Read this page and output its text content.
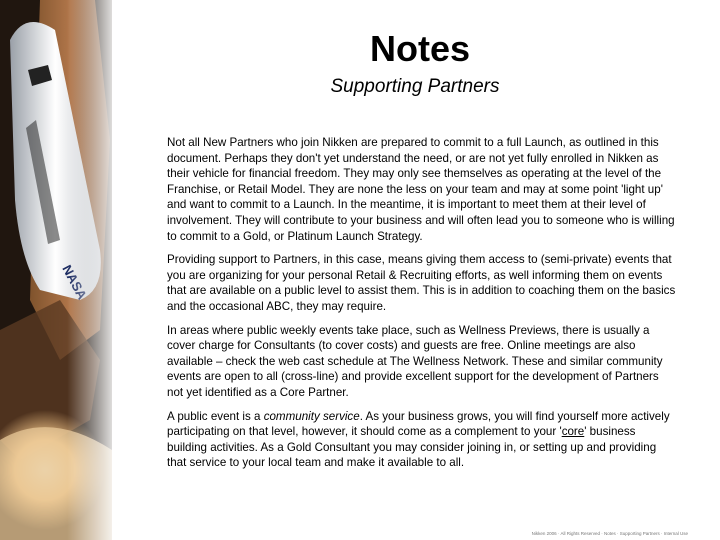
Notes
Supporting Partners

Not all New Partners who join Nikken are prepared to commit to a full Launch, as outlined in this document. Perhaps they don't yet understand the need, or are not yet fully enrolled in Nikken as their vehicle for financial freedom. They may only see themselves as operating at the level of the Franchise, or Retail Model. They are none the less on your team and may at some point 'light up' and want to commit to a Launch. In the meantime, it is important to meet them at their level of involvement. They will contribute to your business and will often lead you to someone who is willing to commit to a Gold, or Platinum Launch Strategy.

Providing support to Partners, in this case, means giving them access to (semi-private) events that you are organizing for your personal Retail & Recruiting efforts, as well informing them on events that are available on a public level to assist them. This is in addition to coaching them on the basics and the occasional ABC, they may require.

In areas where public weekly events take place, such as Wellness Previews, there is usually a cover charge for Consultants (to cover costs) and guests are free. Online meetings are also available – check the web cast schedule at The Wellness Network. These and similar community events are open to all (cross-line) and provide excellent support for the development of Partners not yet identified as a Core Partner.

A public event is a community service. As your business grows, you will find yourself more actively participating on that level, however, it should come as a complement to your 'core' business building activities. As a Gold Consultant you may consider joining in, or setting up and providing that service to your local team and make it available to all.

Nikken 2006 · All Rights Reserved · Notes · Supporting Partners · Internal Use
